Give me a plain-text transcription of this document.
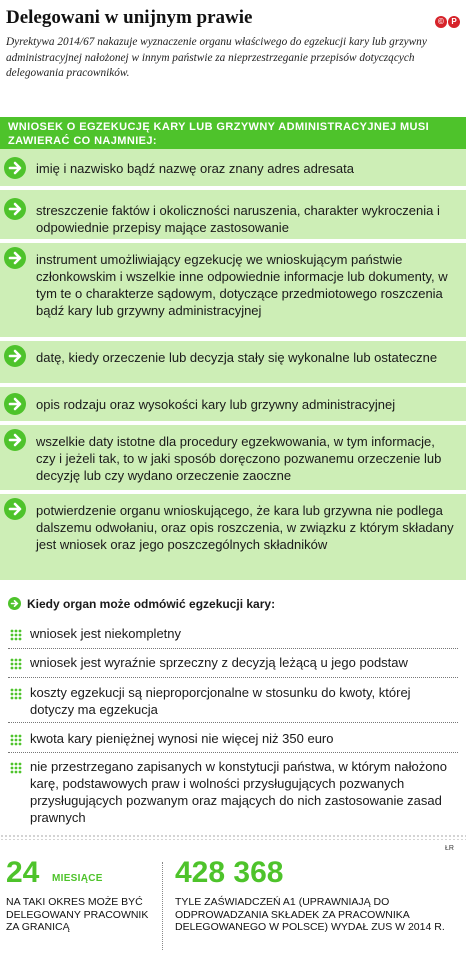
Delegowani w unijnym prawie	© P
Dyrektywa 2014/67 nakazuje wyznaczenie organu właściwego do egzekucji kary lub grzywny administracyjnej nałożonej w innym państwie za nieprzestrzeganie przepisów dotyczących delegowania pracowników.
WNIOSEK O EGZEKUCJĘ KARY LUB GRZYWNY ADMINISTRACYJNEJ MUSI ZAWIERAĆ CO NAJMNIEJ:
imię i nazwisko bądź nazwę oraz znany adres adresata
streszczenie faktów i okoliczności naruszenia, charakter wykroczenia i odpowiednie przepisy mające zastosowanie
instrument umożliwiający egzekucję we wnioskującym państwie członkowskim i wszelkie inne odpowiednie informacje lub dokumenty, w tym te o charakterze sądowym, dotyczące przedmiotowego roszczenia bądź kary lub grzywny administracyjnej
datę, kiedy orzeczenie lub decyzja stały się wykonalne lub ostateczne
opis rodzaju oraz wysokości kary lub grzywny administracyjnej
wszelkie daty istotne dla procedury egzekwowania, w tym informacje, czy i jeżeli tak, to w jaki sposób doręczono pozwanemu orzeczenie lub decyzję lub czy wydano orzeczenie zaoczne
potwierdzenie organu wnioskującego, że kara lub grzywna nie podlega dalszemu odwołaniu, oraz opis roszczenia, w związku z którym składany jest wniosek oraz jego poszczególnych składników
Kiedy organ może odmówić egzekucji kary:
wniosek jest niekompletny
wniosek jest wyraźnie sprzeczny z decyzją leżącą u jego podstaw
koszty egzekucji są nieproporcjonalne w stosunku do kwoty, której dotyczy ma egzekucja
kwota kary pieniężnej wynosi nie więcej niż 350 euro
nie przestrzegano zapisanych w konstytucji państwa, w którym nałożono karę, podstawowych praw i wolności przysługujących pozwanych przysługujących pozwanym oraz mających do nich zastosowanie zasad prawnych
ŁR
24 MIESIĄCE
NA TAKI OKRES MOŻE BYĆ DELEGOWANY PRACOWNIK ZA GRANICĄ
428 368
TYLE ZAŚWIADCZEŃ A1 (UPRAWNIAJĄ DO ODPROWADZANIA SKŁADEK ZA PRACOWNIKA DELEGOWANEGO W POLSCE) WYDAŁ ZUS W 2014 R.
